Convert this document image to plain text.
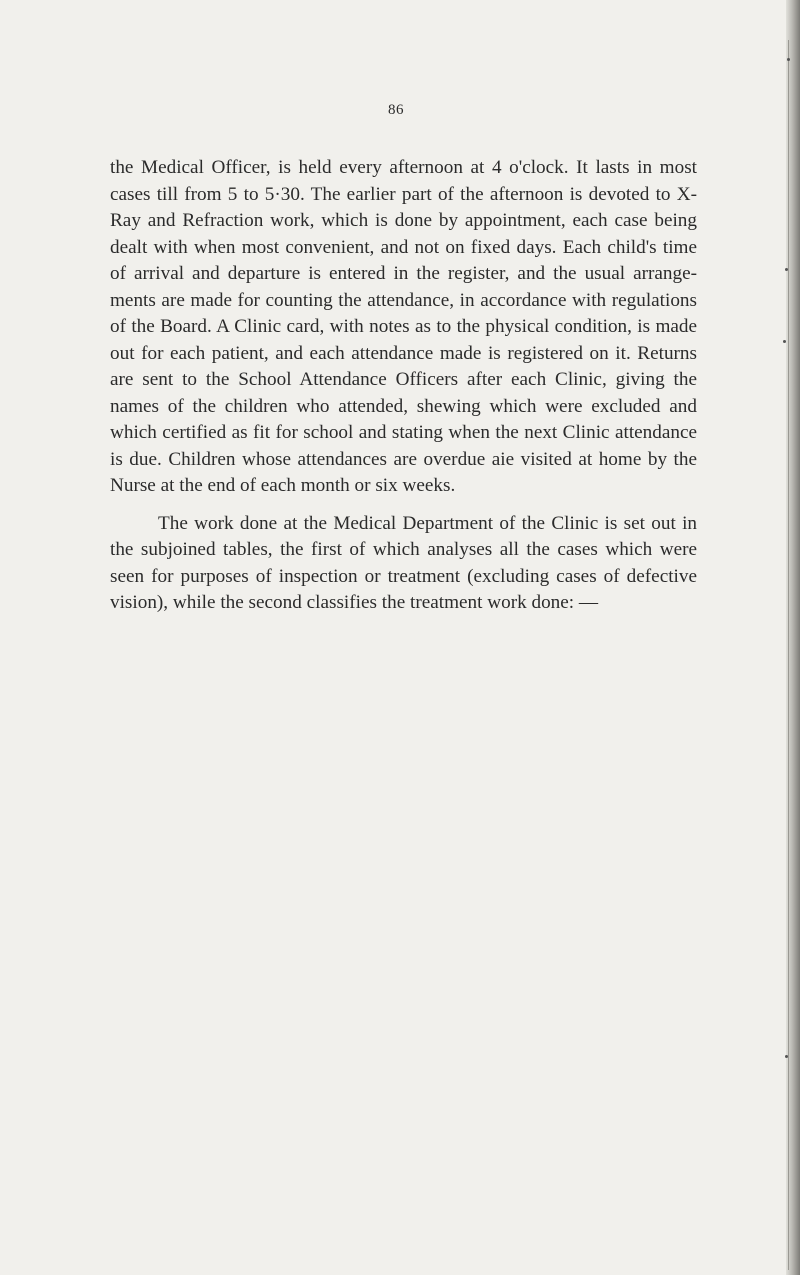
86

the Medical Officer, is held every afternoon at 4 o'clock. It lasts in most cases till from 5 to 5·30. The earlier part of the afternoon is devoted to X-Ray and Refraction work, which is done by appointment, each case being dealt with when most convenient, and not on fixed days. Each child's time of arrival and departure is entered in the register, and the usual arrange-ments are made for counting the attendance, in accordance with regulations of the Board. A Clinic card, with notes as to the physical condition, is made out for each patient, and each attendance made is registered on it. Returns are sent to the School Attendance Officers after each Clinic, giving the names of the children who attended, shewing which were excluded and which certified as fit for school and stating when the next Clinic attendance is due. Children whose attendances are overdue aie visited at home by the Nurse at the end of each month or six weeks.

The work done at the Medical Department of the Clinic is set out in the subjoined tables, the first of which analyses all the cases which were seen for purposes of inspection or treatment (excluding cases of defective vision), while the second classifies the treatment work done: —
